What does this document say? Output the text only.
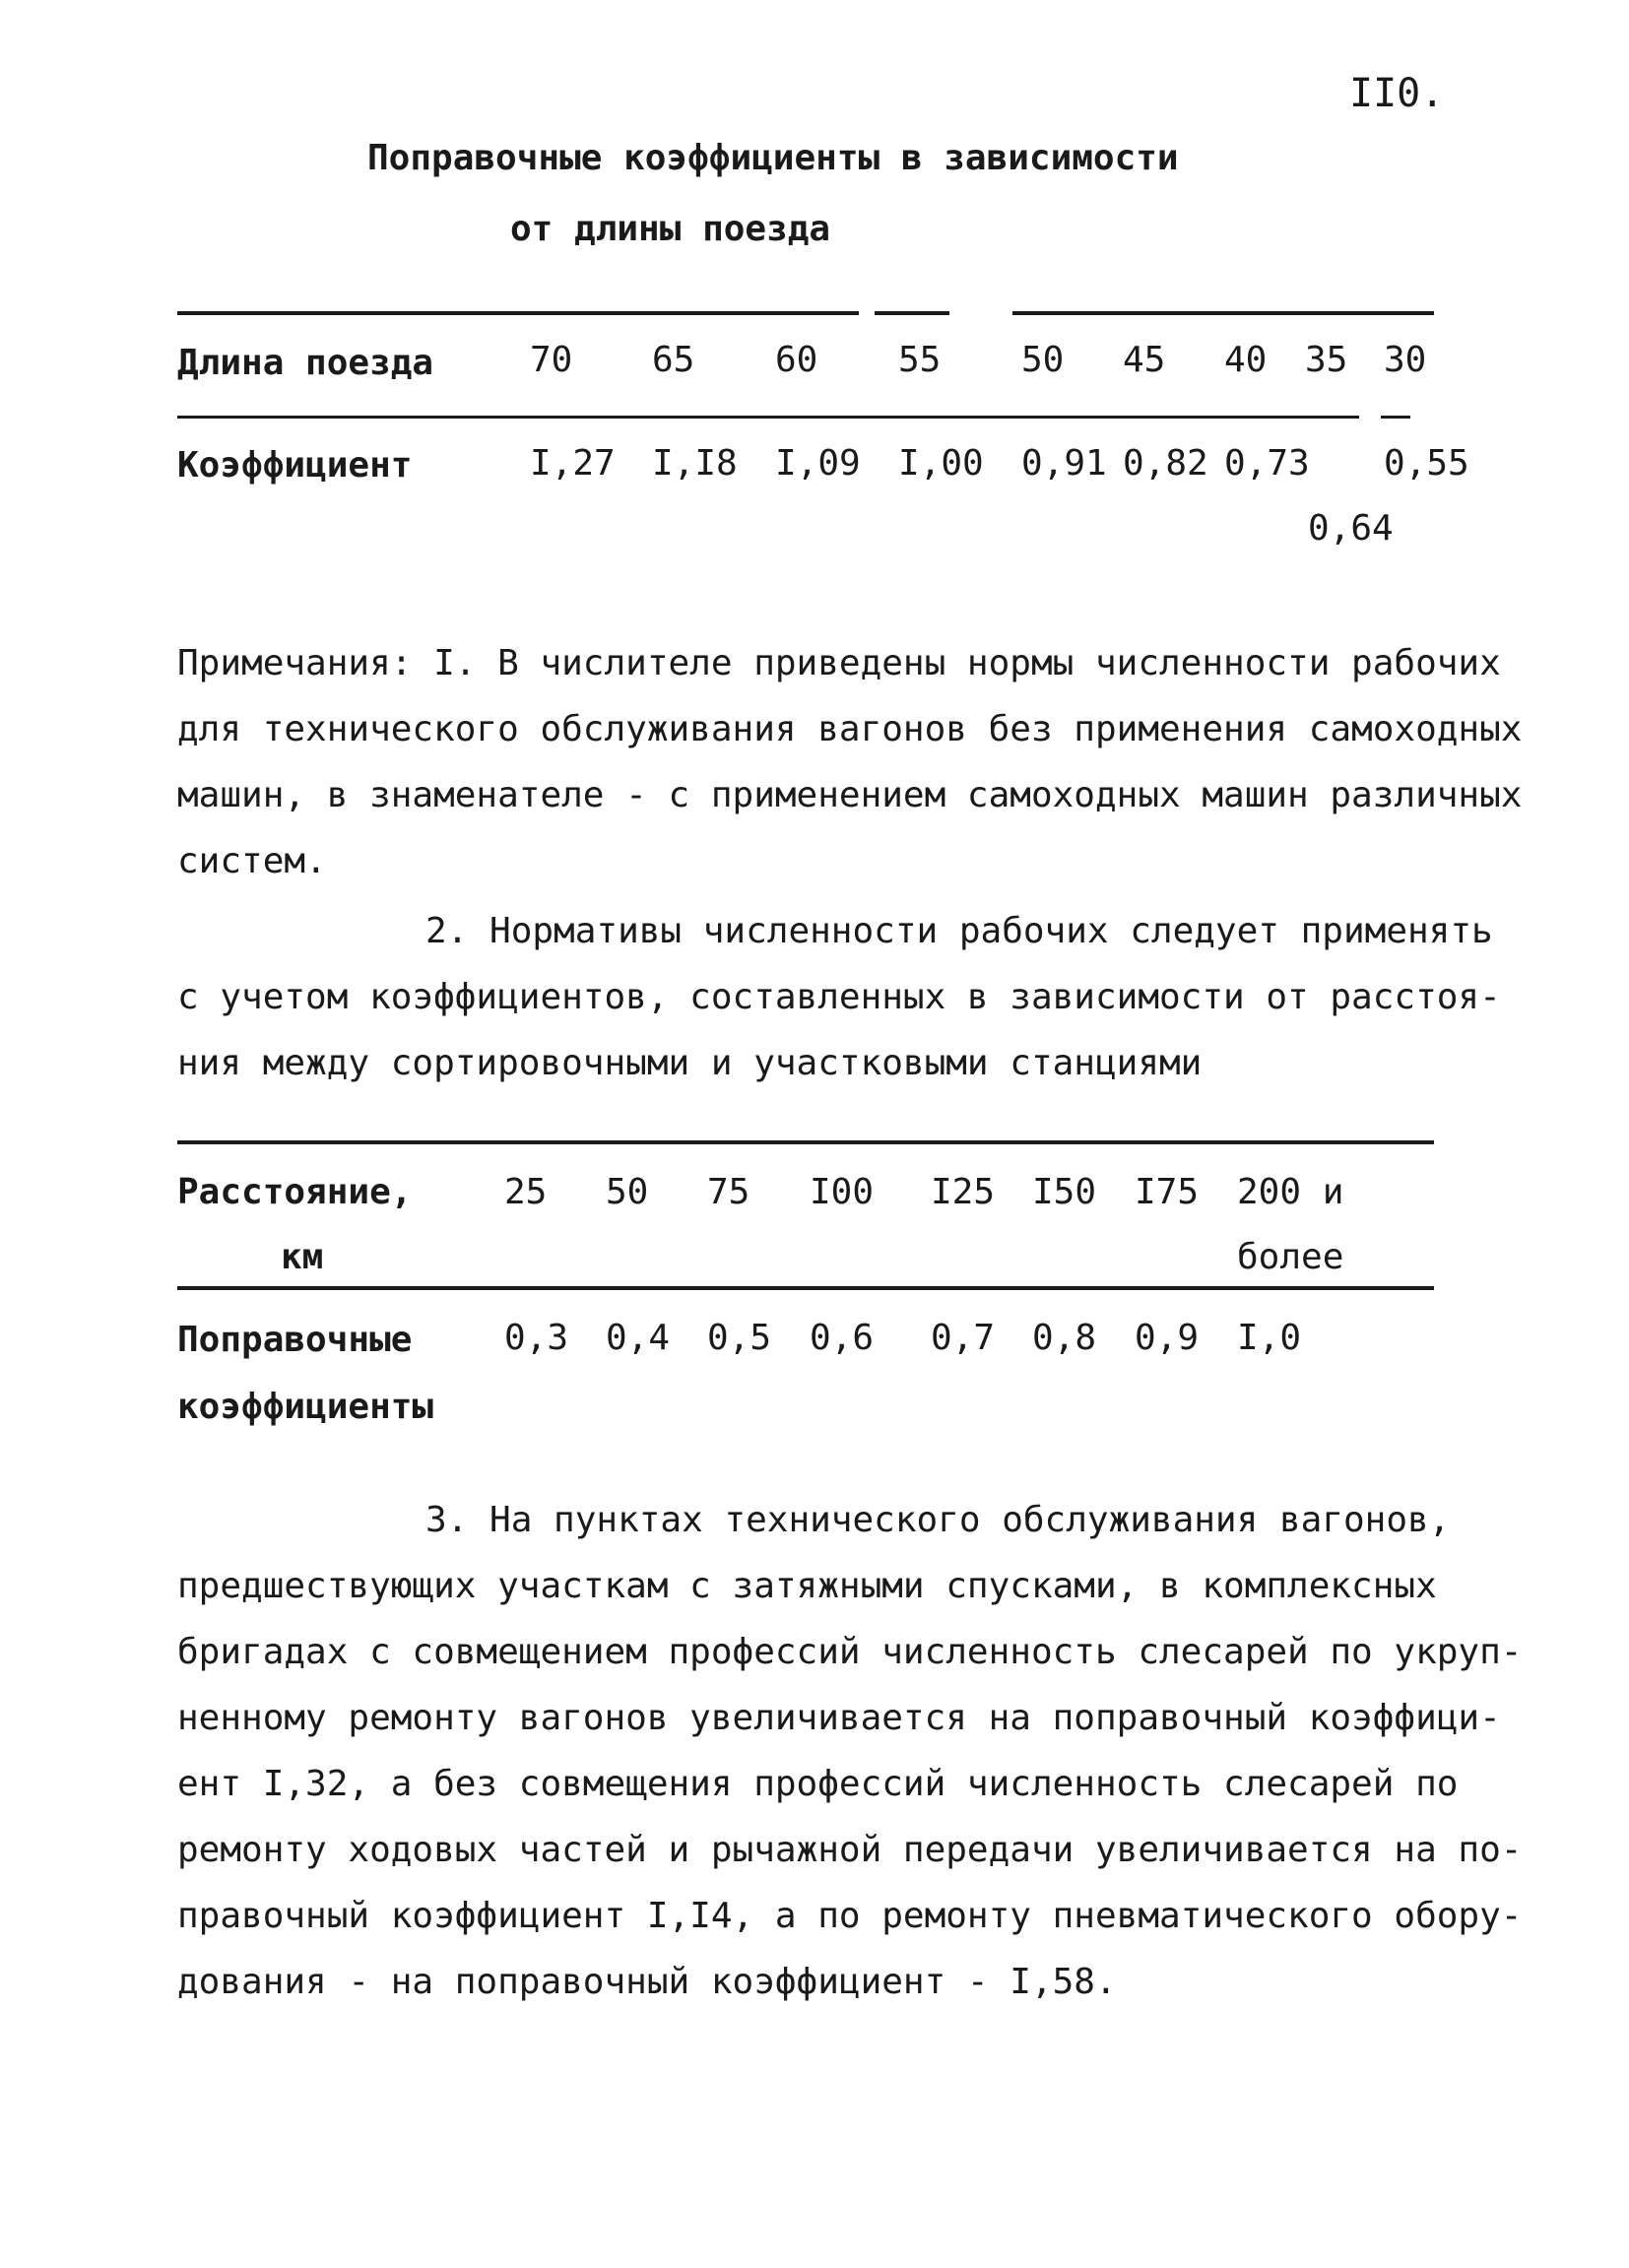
II0.
Поправочные коэффициенты в зависимости
от длины поезда
Длина поезда	70 65 60 55 50 45 40 35 30
Коэффициент	I,27 I,I8 I,09 I,00 0,91 0,82 0,73
0,64
0,55
Примечания: I. В числителе приведены нормы численности рабочих
для технического обслуживания вагонов без применения самоходных
машин, в знаменателе - с применением самоходных машин различных
систем.
2. Нормативы численности рабочих следует применять
с учетом коэффициентов, составленных в зависимости от расстоя-
ния между сортировочными и участковыми станциями
Расстояние,
км
25 50 75 I00 I25 I50 I75 200 и
более
Поправочные
коэффициенты
0,3 0,4 0,5 0,6 0,7 0,8 0,9 I,0
3. На пунктах технического обслуживания вагонов,
предшествующих участкам с затяжными спусками, в комплексных
бригадах с совмещением профессий численность слесарей по укруп-
ненному ремонту вагонов увеличивается на поправочный коэффици-
ент I,32, а без совмещения профессий численность слесарей по
ремонту ходовых частей и рычажной передачи увеличивается на по-
правочный коэффициент I,I4, а по ремонту пневматического обору-
дования - на поправочный коэффициент - I,58.
